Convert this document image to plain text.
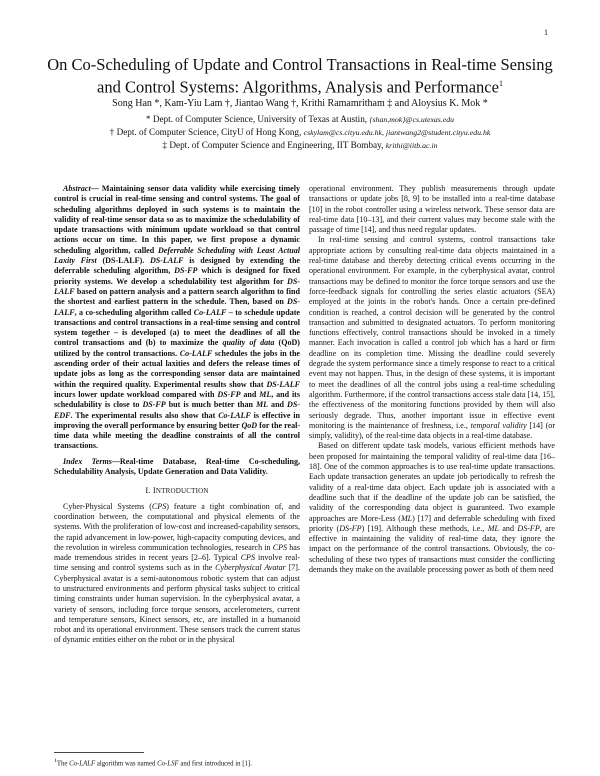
1
On Co-Scheduling of Update and Control Transactions in Real-time Sensing and Control Systems: Algorithms, Analysis and Performance$^1$
Song Han *, Kam-Yiu Lam †, Jiantao Wang †, Krithi Ramamritham ‡ and Aloysius K. Mok *
* Dept. of Computer Science, University of Texas at Austin, {shan,mok}@cs.utexas.edu
† Dept. of Computer Science, CityU of Hong Kong, cskylam@cs.cityu.edu.hk, jiantwang2@student.cityu.edu.hk
‡ Dept. of Computer Science and Engineering, IIT Bombay, krithi@iitb.ac.in

Abstract— Maintaining sensor data validity while exercising timely control is crucial in real-time sensing and control systems. The goal of scheduling algorithms deployed in such systems is to maintain the validity of real-time sensor data so as to maximize the schedulability of update transactions with minimum update workload so that control actions occur on time. In this paper, we first propose a dynamic scheduling algorithm, called Deferrable Scheduling with Least Actual Laxity First (DS-LALF). DS-LALF is designed by extending the deferrable scheduling algorithm, DS-FP which is designed for fixed priority systems. We develop a schedulability test algorithm for DS-LALF based on pattern analysis and a pattern search algorithm to find the shortest and earliest pattern in the schedule. Then, based on DS-LALF, a co-scheduling algorithm called Co-LALF – to schedule update transactions and control transactions in a real-time sensing and control system together – is developed (a) to meet the deadlines of all the control transactions and (b) to maximize the quality of data (QoD) utilized by the control transactions. Co-LALF schedules the jobs in the ascending order of their actual laxities and defers the release times of update jobs as long as the corresponding sensor data are maintained within the required quality. Experimental results show that DS-LALF incurs lower update workload compared with DS-FP and ML, and its schedulability is close to DS-FP but is much better than ML and DS-EDF. The experimental results also show that Co-LALF is effective in improving the overall performance by ensuring better QoD for the real-time data while meeting the deadline constraints of all the control transactions.

Index Terms—Real-time Database, Real-time Co-scheduling, Schedulability Analysis, Update Generation and Data Validity.

I. INTRODUCTION

Cyber-Physical Systems (CPS) feature a tight combination of, and coordination between, the computational and physical elements of the systems. With the proliferation of low-cost and increased-capability sensors, the rapid advancement in low-power, high-capacity computing devices, and the revolution in wireless communication technologies, research in CPS has made tremendous strides in recent years [2–6]. Typical CPS involve real-time sensing and control systems such as in the Cyberphysical Avatar [7]. Cyberphysical avatar is a semi-autonomous robotic system that can adjust to unstructured environments and perform physical tasks subject to critical timing constraints under human supervision. In the cyberphysical avatar, a variety of sensors, including force torque sensors, accelerometers, current and temperature sensors, Kinect sensors, etc, are installed in a humanoid robot and its operational environment. These sensors track the current status of dynamic entities either on the robot or in the physical

$^1$The Co-LALF algorithm was named Co-LSF and first introduced in [1].

operational environment. They publish measurements through update transactions or update jobs [8, 9] to be installed into a real-time database [10] in the robot controller using a wireless network. These sensor data are real-time data [10–13], and their current values may become stale with the passage of time [14], and thus need regular updates.

In real-time sensing and control systems, control transactions take appropriate actions by consulting real-time data objects maintained in a real-time database and thereby detecting critical events occurring in the operational environment. For example, in the cyberphysical avatar, control transactions may be defined to monitor the force torque sensors and use the force-feedback signals for controlling the series elastic actuators (SEA) employed at the joints in the robot's hands. Once a certain pre-defined condition is reached, a control decision will be generated by the control transaction and submitted to designated actuators. To perform monitoring functions effectively, control transactions should be invoked in a timely manner. Each invocation is called a control job which has a hard or firm deadline on its completion time. Missing the deadline could severely degrade the system performance since a timely response to react to a critical event may not happen. Thus, in the design of these systems, it is important to meet the deadlines of all the control jobs using a real-time scheduling algorithm. Furthermore, if the control transactions access stale data [14, 15], the effectiveness of the monitoring functions provided by them will also seriously degrade. Thus, another important issue in effective event monitoring is the maintenance of freshness, i.e., temporal validity [14] (or simply, validity), of the real-time data objects in a real-time database.

Based on different update task models, various efficient methods have been proposed for maintaining the temporal validity of real-time data [16–18]. One of the common approaches is to use real-time update transactions. Each update transaction generates an update job periodically to refresh the validity of a real-time data object. Each update job is associated with a deadline such that if the deadline of the update job can be satisfied, the validity of the corresponding data object is guaranteed. Two example approaches are More-Less (ML) [17] and deferrable scheduling with fixed priority (DS-FP) [19]. Although these methods, i.e., ML and DS-FP, are effective in maintaining the validity of real-time data, they ignore the impact on the performance of the control transactions. Obviously, the co-scheduling of these two types of transactions must consider the conflicting demands they make on the available processing power as both of them need
